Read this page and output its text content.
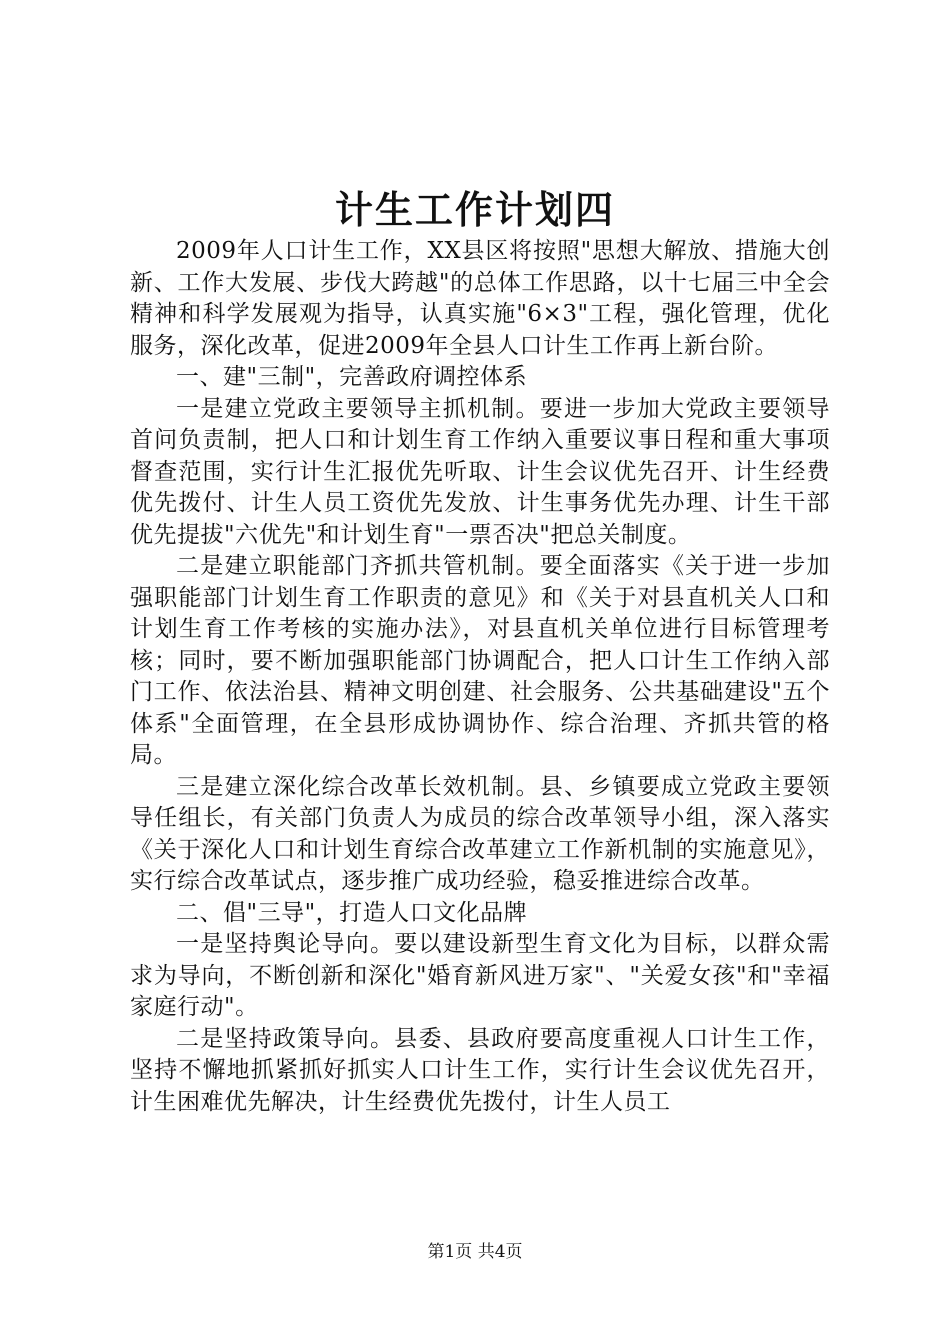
计生工作计划四

2009年人口计生工作，XX县区将按照"思想大解放、措施大创新、工作大发展、步伐大跨越"的总体工作思路，以十七届三中全会精神和科学发展观为指导，认真实施"6×3"工程，强化管理，优化服务，深化改革，促进2009年全县人口计生工作再上新台阶。

一、建"三制"，完善政府调控体系

一是建立党政主要领导主抓机制。要进一步加大党政主要领导首问负责制，把人口和计划生育工作纳入重要议事日程和重大事项督查范围，实行计生汇报优先听取、计生会议优先召开、计生经费优先拨付、计生人员工资优先发放、计生事务优先办理、计生干部优先提拔"六优先"和计划生育"一票否决"把总关制度。

二是建立职能部门齐抓共管机制。要全面落实《关于进一步加强职能部门计划生育工作职责的意见》和《关于对县直机关人口和计划生育工作考核的实施办法》，对县直机关单位进行目标管理考核；同时，要不断加强职能部门协调配合，把人口计生工作纳入部门工作、依法治县、精神文明创建、社会服务、公共基础建设"五个体系"全面管理，在全县形成协调协作、综合治理、齐抓共管的格局。

三是建立深化综合改革长效机制。县、乡镇要成立党政主要领导任组长，有关部门负责人为成员的综合改革领导小组，深入落实《关于深化人口和计划生育综合改革建立工作新机制的实施意见》，实行综合改革试点，逐步推广成功经验，稳妥推进综合改革。

二、倡"三导"，打造人口文化品牌

一是坚持舆论导向。要以建设新型生育文化为目标，以群众需求为导向，不断创新和深化"婚育新风进万家"、"关爱女孩"和"幸福家庭行动"。

二是坚持政策导向。县委、县政府要高度重视人口计生工作，坚持不懈地抓紧抓好抓实人口计生工作，实行计生会议优先召开，计生困难优先解决，计生经费优先拨付，计生人员工

第1页 共4页
